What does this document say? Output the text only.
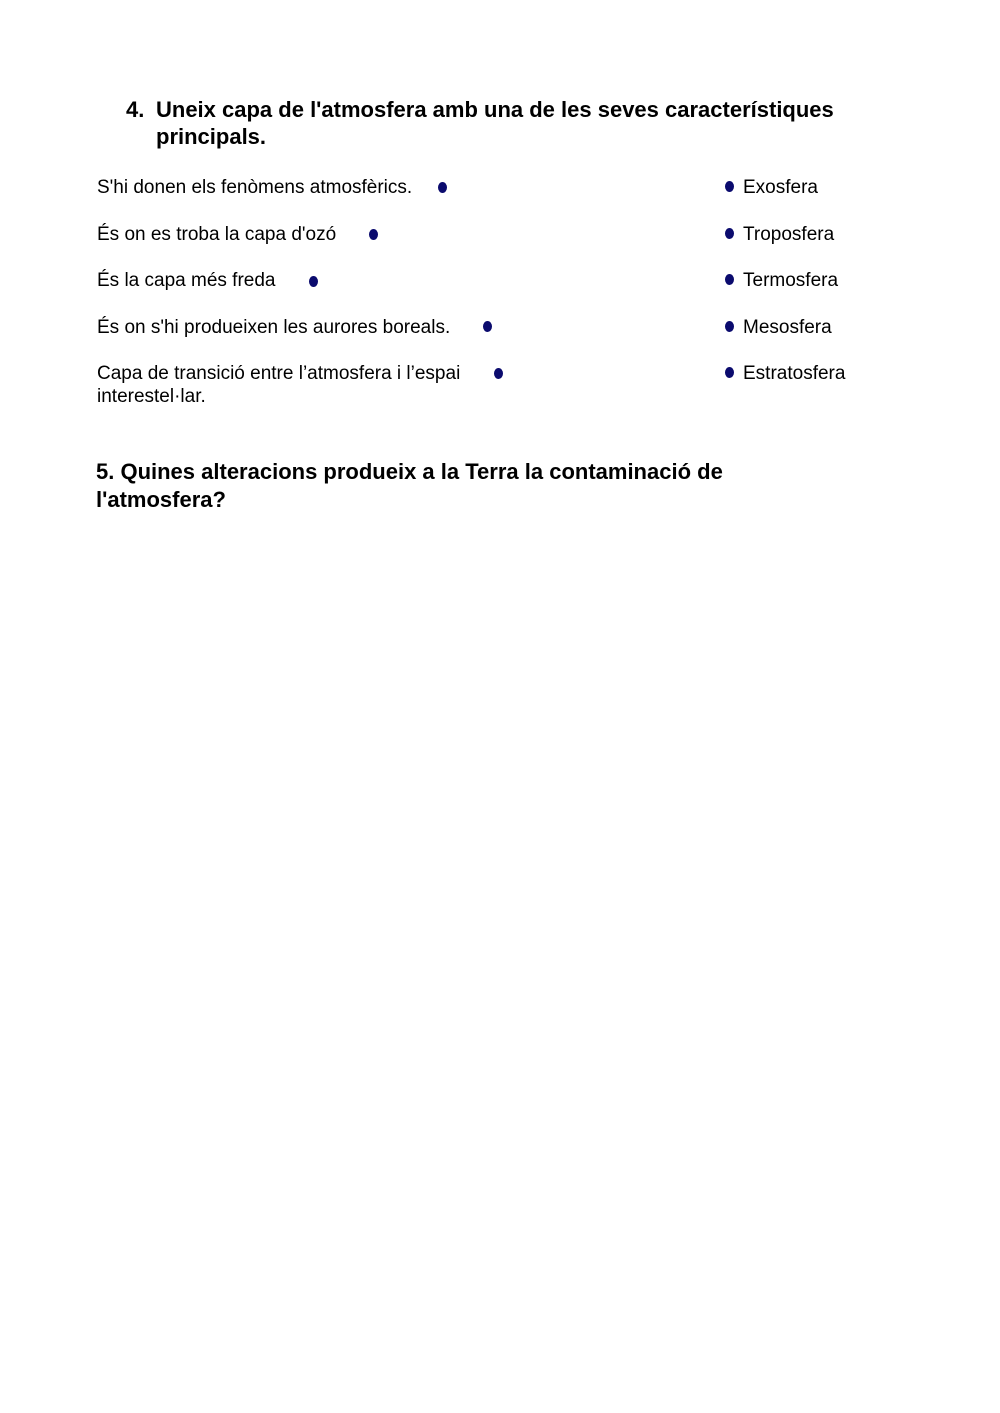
4. Uneix capa de l'atmosfera amb una de les seves característiques principals.
S'hi donen els fenòmens atmosfèrics.
És on es troba la capa d'ozó
És la capa més freda
És on s'hi produeixen les aurores boreals.
Capa de transició entre l’atmosfera i l’espai interestel·lar.
Exosfera
Troposfera
Termosfera
Mesosfera
Estratosfera
5. Quines alteracions produeix a la Terra la contaminació de l'atmosfera?
